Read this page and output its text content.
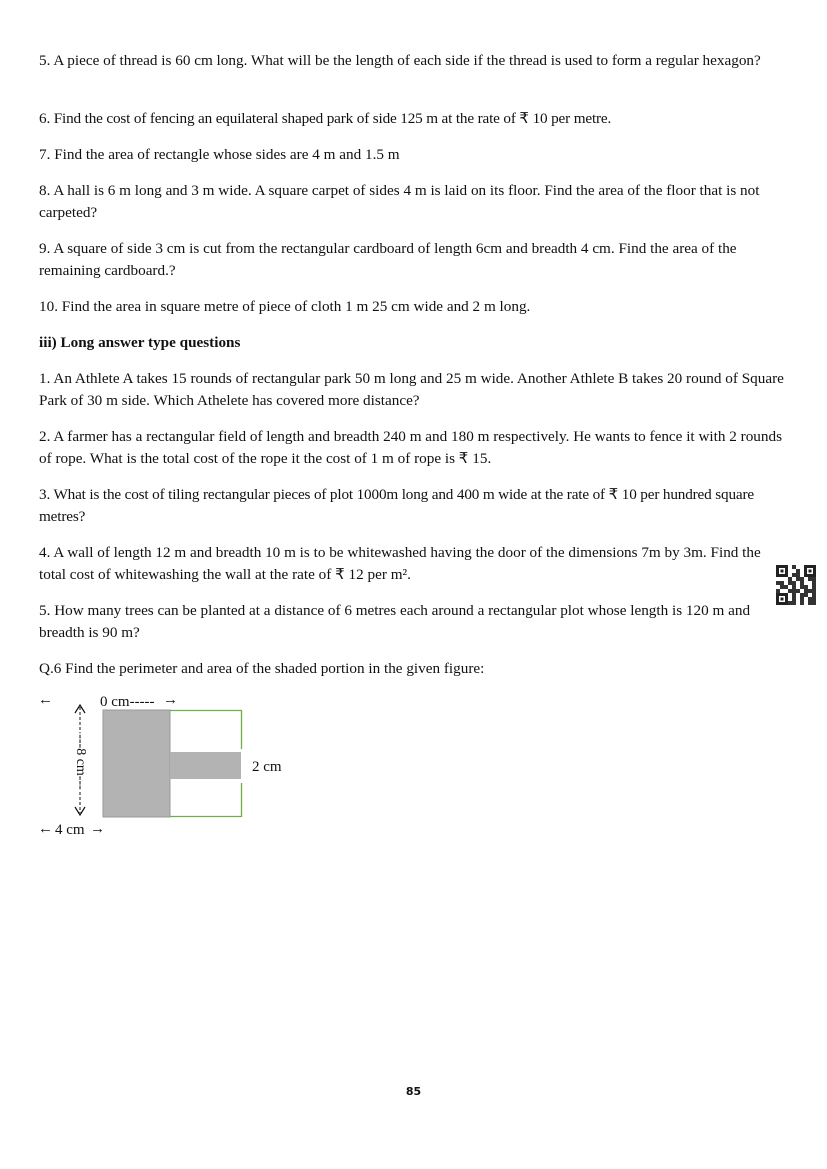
5. A piece of thread is 60 cm long. What will be the length of each side if the thread is used to form a regular hexagon?

6. Find the cost of fencing an equilateral shaped park of side 125 m at the rate of ₹ 10 per metre.

7. Find the area of rectangle whose sides are 4 m and 1.5 m

8. A hall is 6 m long and 3 m wide. A square carpet of sides 4 m is laid on its floor. Find the area of the floor that is not carpeted?

9. A square of side 3 cm is cut from the rectangular cardboard of length 6cm and breadth 4 cm. Find the area of the remaining cardboard.?

10. Find the area in square metre of piece of cloth 1 m 25 cm wide and 2 m long.

iii) Long answer type questions

1. An Athlete A takes 15 rounds of rectangular park 50 m long and 25 m wide. Another Athlete B takes 20 round of Square Park of 30 m side. Which Athelete has covered more distance?

2. A farmer has a rectangular field of length and breadth 240 m and 180 m respectively. He wants to fence it with 2 rounds of rope. What is the total cost of the rope it the cost of 1 m of rope is ₹ 15.

3. What is the cost of tiling rectangular pieces of plot 1000m long and 400 m wide at the rate of ₹ 10 per hundred square metres?

4. A wall of length 12 m and breadth 10 m is to be whitewashed having the door of the dimensions 7m by 3m. Find the total cost of whitewashing the wall at the rate of ₹ 12 per m².

5. How many trees can be planted at a distance of 6 metres each around a rectangular plot whose length is 120 m and breadth is 90 m?

Q.6 Find the perimeter and area of the shaded portion in the given figure:

←	0 cm----- →
---8 cm---	2 cm
← 4 cm →
85
